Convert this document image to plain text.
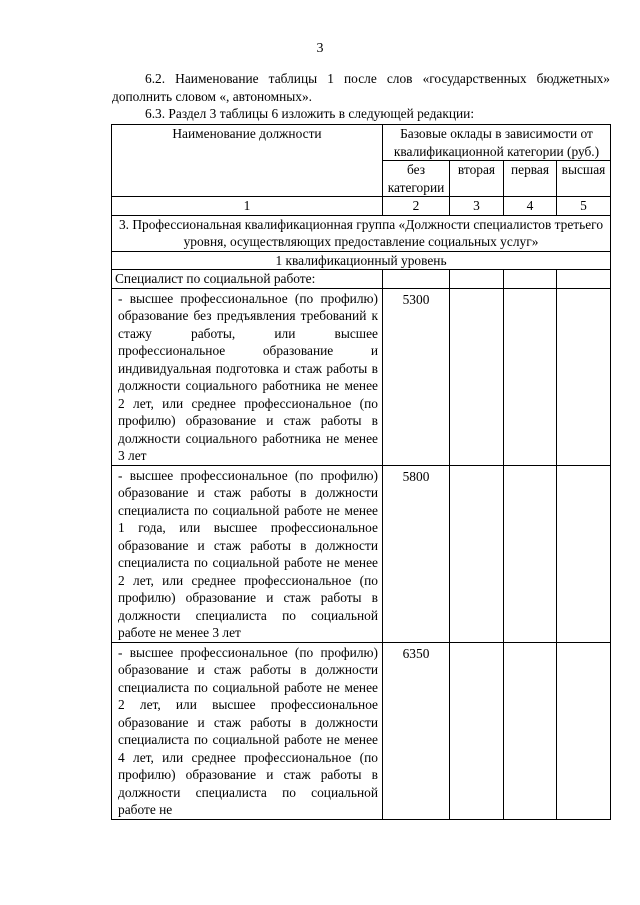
3
6.2. Наименование таблицы 1 после слов «государственных бюджетных» дополнить словом «, автономных».
6.3. Раздел 3 таблицы 6 изложить в следующей редакции:
Наименование должности	Базовые оклады в зависимости от квалификационной категории (руб.)			
	без категории	вторая	первая	высшая
1	2	3	4	5
3. Профессиональная квалификационная группа «Должности специалистов третьего уровня, осуществляющих предоставление социальных услуг»				
1 квалификационный уровень				
Специалист по социальной работе:				
- высшее профессиональное (по профилю) образование без предъявления требований к стажу работы, или высшее профессиональное образование и индивидуальная подготовка и стаж работы в должности социального работника не менее 2 лет, или среднее профессиональное (по профилю) образование и стаж работы в должности социального работника не менее 3 лет	5300			
- высшее профессиональное (по профилю) образование и стаж работы в должности специалиста по социальной работе не менее 1 года, или высшее профессиональное образование и стаж работы в должности специалиста по социальной работе не менее 2 лет, или среднее профессиональное (по профилю) образование и стаж работы в должности специалиста по социальной работе не менее 3 лет	5800			
- высшее профессиональное (по профилю) образование и стаж работы в должности специалиста по социальной работе не менее 2 лет, или высшее профессиональное образование и стаж работы в должности специалиста по социальной работе не менее 4 лет, или среднее профессиональное (по профилю) образование и стаж работы в должности специалиста по социальной работе не	6350			
